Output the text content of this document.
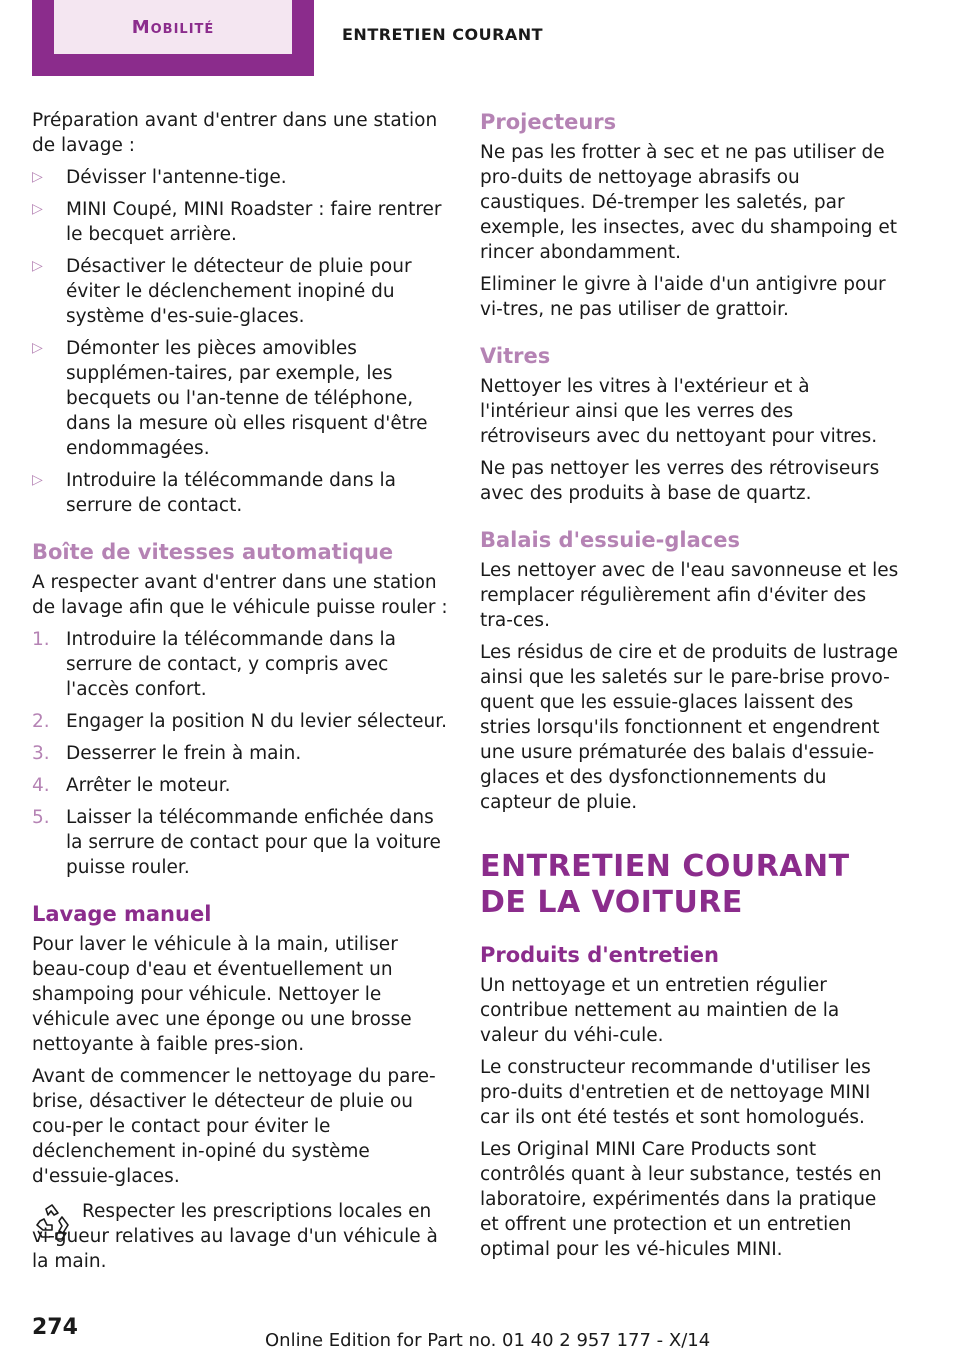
Mobilité	ENTRETIEN COURANT

Préparation avant d'entrer dans une station de lavage :

▷ Dévisser l'antenne-tige.
▷ MINI Coupé, MINI Roadster : faire rentrer le becquet arrière.
▷ Désactiver le détecteur de pluie pour éviter le déclenchement inopiné du système d'es-suie-glaces.
▷ Démonter les pièces amovibles supplémen-taires, par exemple, les becquets ou l'an-tenne de téléphone, dans la mesure où elles risquent d'être endommagées.
▷ Introduire la télécommande dans la serrure de contact.
Boîte de vitesses automatique

A respecter avant d'entrer dans une station de lavage afin que le véhicule puisse rouler :

1. Introduire la télécommande dans la serrure de contact, y compris avec l'accès confort.
2. Engager la position N du levier sélecteur.
3. Desserrer le frein à main.
4. Arrêter le moteur.
5. Laisser la télécommande enfichée dans la serrure de contact pour que la voiture puisse rouler.
Lavage manuel

Pour laver le véhicule à la main, utiliser beau-coup d'eau et éventuellement un shampoing pour véhicule. Nettoyer le véhicule avec une éponge ou une brosse nettoyante à faible pres-sion.

Avant de commencer le nettoyage du pare-brise, désactiver le détecteur de pluie ou cou-per le contact pour éviter le déclenchement in-opiné du système d'essuie-glaces.

Respecter les prescriptions locales en vi-gueur relatives au lavage d'un véhicule à la main.

Projecteurs

Ne pas les frotter à sec et ne pas utiliser de pro-duits de nettoyage abrasifs ou caustiques. Dé-tremper les saletés, par exemple, les insectes, avec du shampoing et rincer abondamment.

Eliminer le givre à l'aide d'un antigivre pour vi-tres, ne pas utiliser de grattoir.

Vitres

Nettoyer les vitres à l'extérieur et à l'intérieur ainsi que les verres des rétroviseurs avec du nettoyant pour vitres.

Ne pas nettoyer les verres des rétroviseurs avec des produits à base de quartz.

Balais d'essuie-glaces

Les nettoyer avec de l'eau savonneuse et les remplacer régulièrement afin d'éviter des tra-ces.

Les résidus de cire et de produits de lustrage ainsi que les saletés sur le pare-brise provo-quent que les essuie-glaces laissent des stries lorsqu'ils fonctionnent et engendrent une usure prématurée des balais d'essuie-glaces et des dysfonctionnements du capteur de pluie.

ENTRETIEN COURANT DE LA VOITURE
Produits d'entretien

Un nettoyage et un entretien régulier contribue nettement au maintien de la valeur du véhi-cule.

Le constructeur recommande d'utiliser les pro-duits d'entretien et de nettoyage MINI car ils ont été testés et sont homologués.

Les Original MINI Care Products sont contrôlés quant à leur substance, testés en laboratoire, expérimentés dans la pratique et offrent une protection et un entretien optimal pour les vé-hicules MINI.

274
Online Edition for Part no. 01 40 2 957 177 - X/14
